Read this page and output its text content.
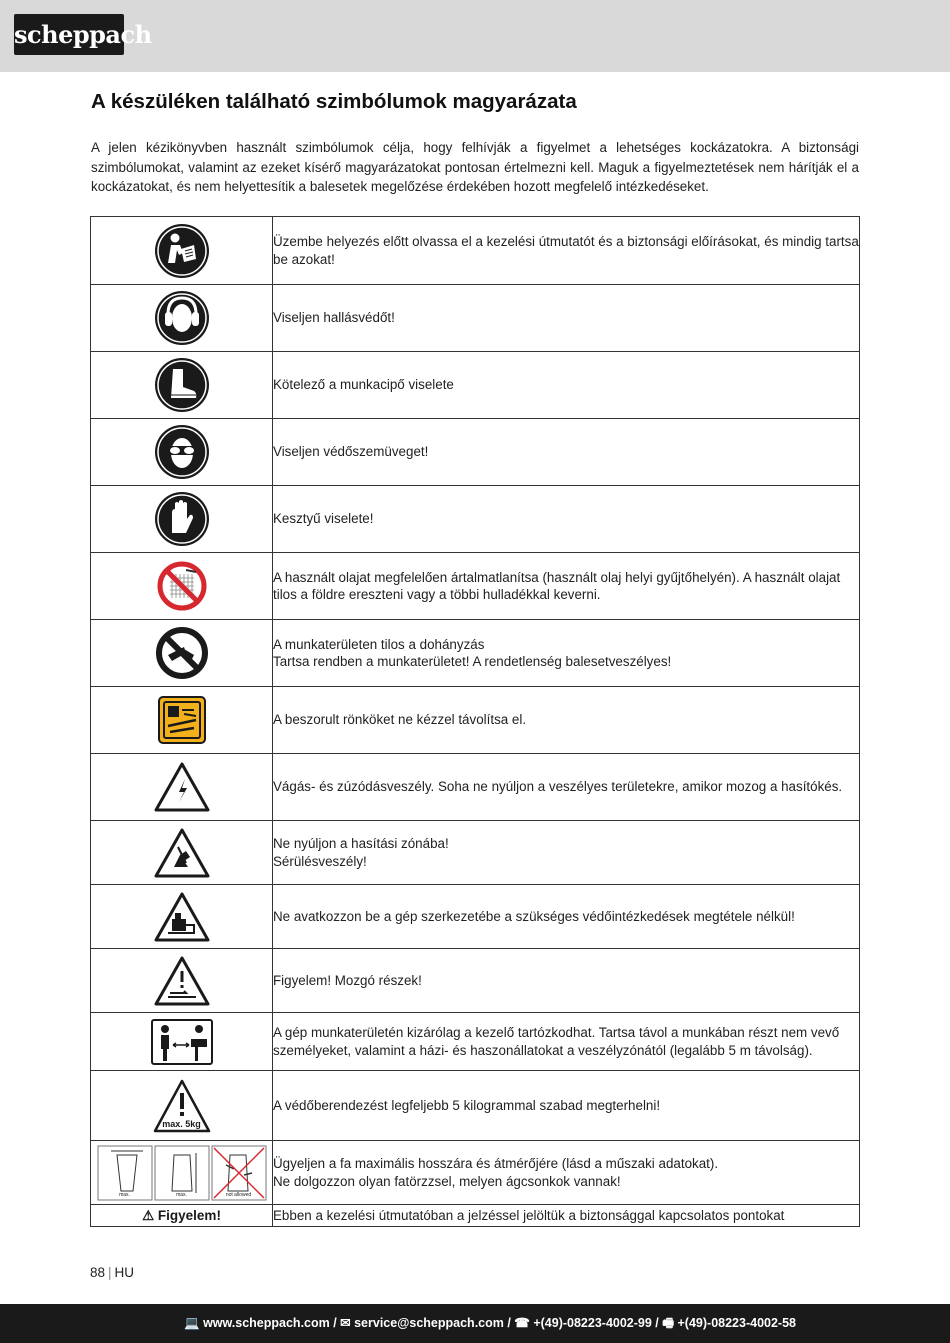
scheppach
A készüléken található szimbólumok magyarázata

A jelen kézikönyvben használt szimbólumok célja, hogy felhívják a figyelmet a lehetséges kockázatokra. A biztonsági szimbólumokat, valamint az ezeket kísérő magyarázatokat pontosan értelmezni kell. Maguk a figyelmeztetések nem hárítják el a kockázatokat, és nem helyettesítik a balesetek megelőzése érdekében hozott megfelelő intézkedéseket.

	Üzembe helyezés előtt olvassa el a kezelési útmutatót és a biztonsági előírásokat, és mindig tartsa be azokat!
	Viseljen hallásvédőt!
	Kötelező a munkacipő viselete
	Viseljen védőszemüveget!
	Kesztyű viselete!
	A használt olajat megfelelően ártalmatlanítsa (használt olaj helyi gyűjtőhelyén). A használt olajat tilos a földre ereszteni vagy a többi hulladékkal keverni.
	A munkaterületen tilos a dohányzás
Tartsa rendben a munkaterületet! A rendetlenség balesetveszélyes!
	A beszorult rönköket ne kézzel távolítsa el.
	Vágás- és zúzódásveszély. Soha ne nyúljon a veszélyes területekre, amikor mozog a hasítókés.
	Ne nyúljon a hasítási zónába!
Sérülésveszély!
	Ne avatkozzon be a gép szerkezetébe a szükséges védőintézkedések megtétele nélkül!
	Figyelem! Mozgó részek!
	A gép munkaterületén kizárólag a kezelő tartózkodhat. Tartsa távol a munkában részt nem vevő személyeket, valamint a házi- és haszonállatokat a veszélyzónától (legalább 5 m távolság).

max. 5kg	A védőberendezést legfeljebb 5 kilogrammal szabad megterhelni!

max. max. not allowed	Ügyeljen a fa maximális hosszára és átmérőjére (lásd a műszaki adatokat).
Ne dolgozzon olyan fatörzzsel, melyen ágcsonkok vannak!
⚠ Figyelem!	Ebben a kezelési útmutatóban a jelzéssel jelöltük a biztonsággal kapcsolatos pontokat
88 | HU
💻 www.scheppach.com / ✉ service@scheppach.com / ☎ +(49)-08223-4002-99 / 🖷 +(49)-08223-4002-58
